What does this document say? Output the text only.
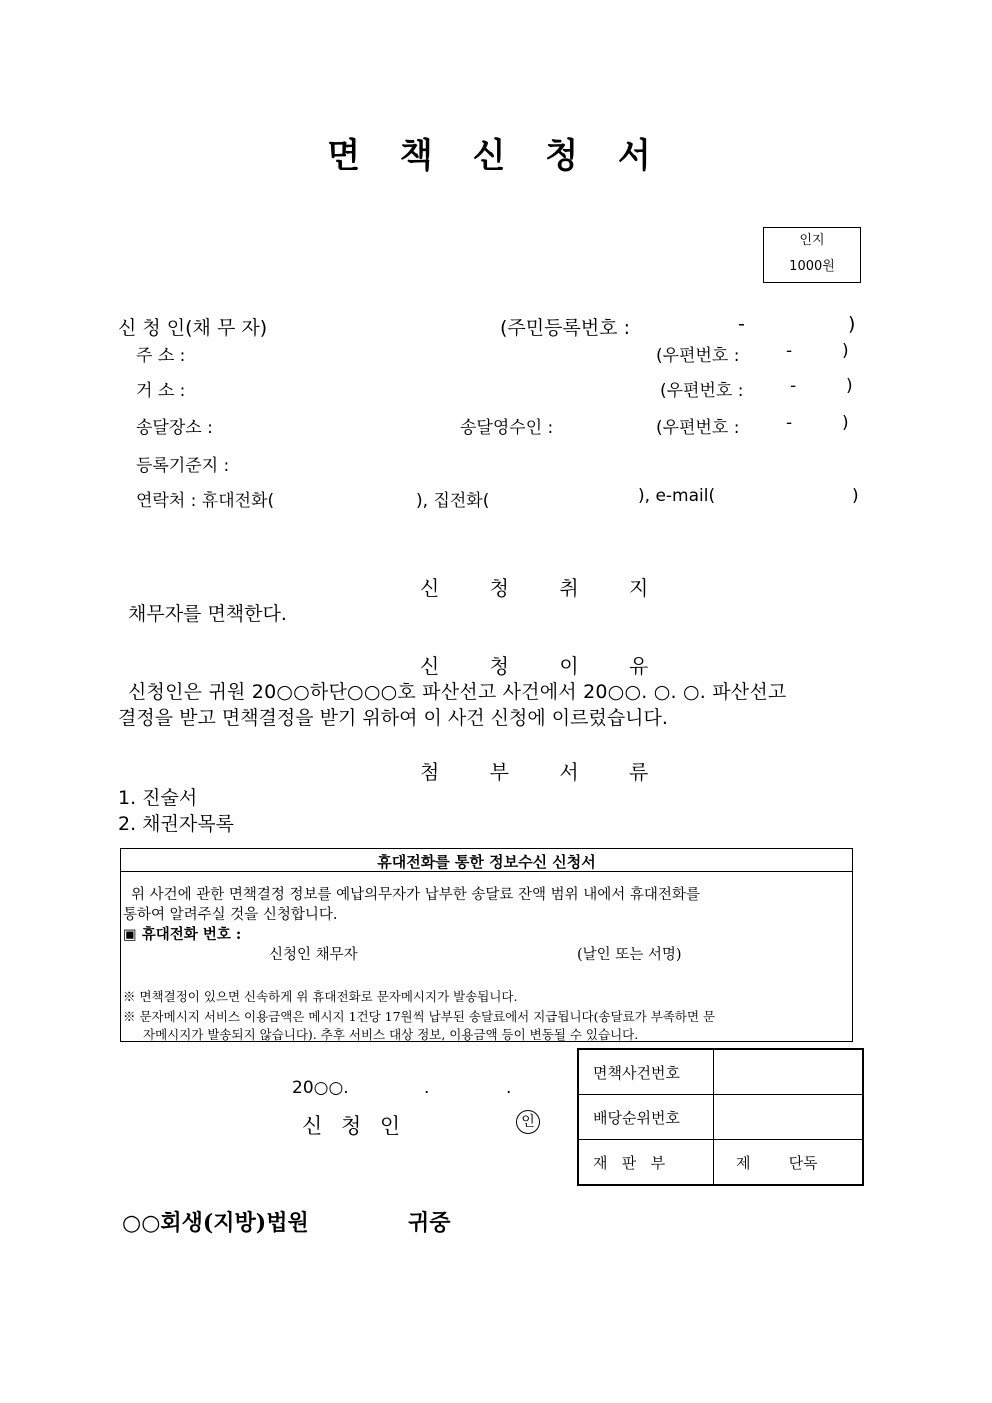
면 책 신 청 서
인지
1000원
신 청 인(채 무 자)	(주민등록번호 :	-	)
주 소 :	(우편번호 :	-	)
거 소 :	(우편번호 :	-	)
송달장소 :	송달영수인 :	(우편번호 :	-	)
등록기준지 :
연락처 : 휴대전화(	), 집전화(	), e-mail(	)
신 청 취 지
채무자를 면책한다.
신 청 이 유
신청인은 귀원 20○○하단○○○호 파산선고 사건에서 20○○. ○. ○. 파산선고
결정을 받고 면책결정을 받기 위하여 이 사건 신청에 이르렀습니다.
첨 부 서 류
1. 진술서
2. 채권자목록
휴대전화를 통한 정보수신 신청서
위 사건에 관한 면책결정 정보를 예납의무자가 납부한 송달료 잔액 범위 내에서 휴대전화를
통하여 알려주실 것을 신청합니다.
▣ 휴대전화 번호 :
신청인 채무자	(날인 또는 서명)
※ 면책결정이 있으면 신속하게 위 휴대전화로 문자메시지가 발송됩니다.
※ 문자메시지 서비스 이용금액은 메시지 1건당 17원씩 납부된 송달료에서 지급됩니다(송달료가 부족하면 문
자메시지가 발송되지 않습니다). 추후 서비스 대상 정보, 이용금액 등이 변동될 수 있습니다.
20○○.	.	.
신 청 인	인
면책사건번호	
배당순위번호	
재   판   부	제        단독
○○회생(지방)법원	귀중
